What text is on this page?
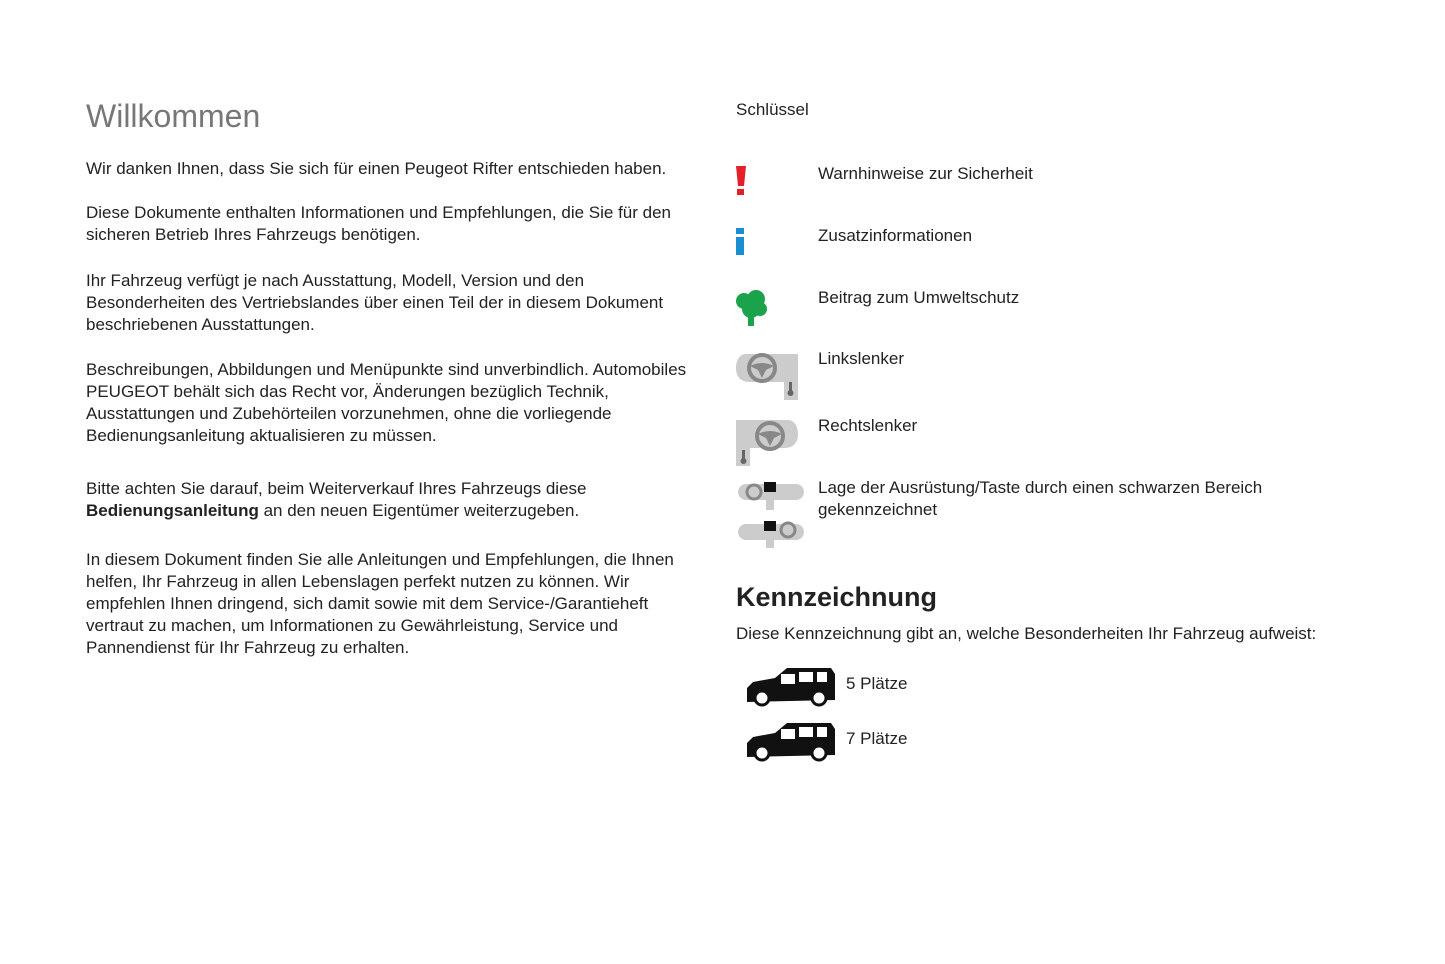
Willkommen

Wir danken Ihnen, dass Sie sich für einen Peugeot Rifter entschieden haben.

Diese Dokumente enthalten Informationen und Empfehlungen, die Sie für den sicheren Betrieb Ihres Fahrzeugs benötigen.

Ihr Fahrzeug verfügt je nach Ausstattung, Modell, Version und den Besonderheiten des Vertriebslandes über einen Teil der in diesem Dokument beschriebenen Ausstattungen.

Beschreibungen, Abbildungen und Menüpunkte sind unverbindlich. Automobiles PEUGEOT behält sich das Recht vor, Änderungen bezüglich Technik, Ausstattungen und Zubehörteilen vorzunehmen, ohne die vorliegende Bedienungsanleitung aktualisieren zu müssen.

Bitte achten Sie darauf, beim Weiterverkauf Ihres Fahrzeugs diese
Bedienungsanleitung an den neuen Eigentümer weiterzugeben.

In diesem Dokument finden Sie alle Anleitungen und Empfehlungen, die Ihnen helfen, Ihr Fahrzeug in allen Lebenslagen perfekt nutzen zu können. Wir empfehlen Ihnen dringend, sich damit sowie mit dem Service-/Garantieheft vertraut zu machen, um Informationen zu Gewährleistung, Service und Pannendienst für Ihr Fahrzeug zu erhalten.

Schlüssel
Warnhinweise zur Sicherheit
Zusatzinformationen
Beitrag zum Umweltschutz
Linkslenker
Rechtslenker
Lage der Ausrüstung/Taste durch einen schwarzen Bereich gekennzeichnet
Kennzeichnung
Diese Kennzeichnung gibt an, welche Besonderheiten Ihr Fahrzeug aufweist:
5 Plätze
7 Plätze
